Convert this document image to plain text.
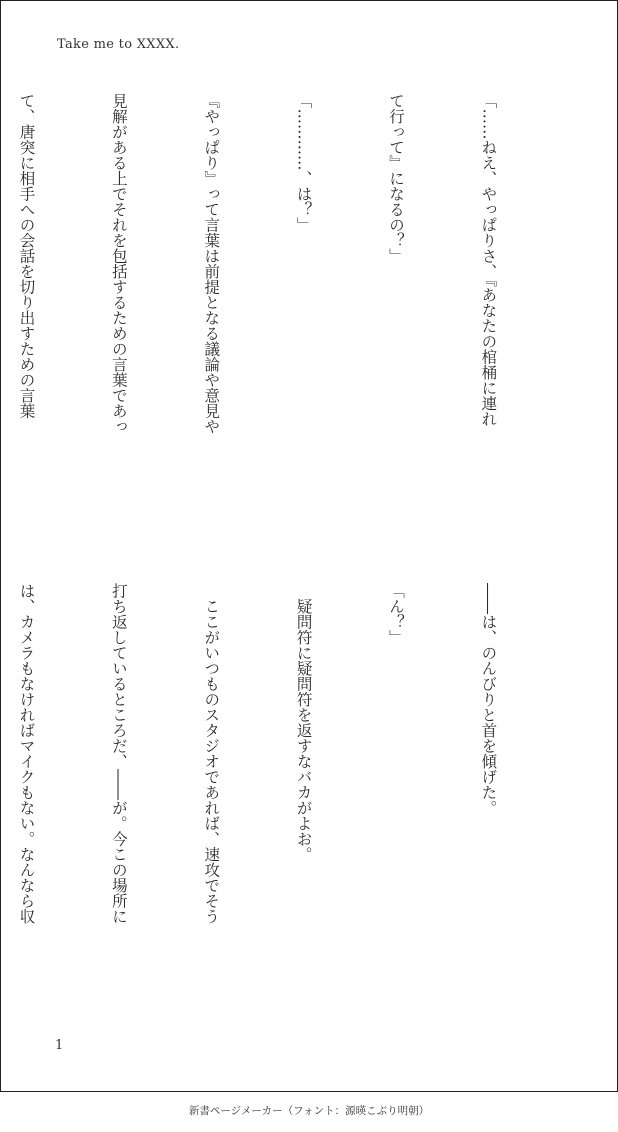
Take me to XXXX.

「……ねえ、やっぱりさ、『あなたの棺桶に連れ

て行って』になるの？」

「…………、は？」

『やっぱり』って言葉は前提となる議論や意見や

見解がある上でそれを包括するための言葉であっ

て、唐突に相手への会話を切り出すための言葉

――は、のんびりと首を傾げた。

「ん？」

　疑問符に疑問符を返すなバカがよお。

　ここがいつものスタジオであれば、速攻でそう

打ち返しているところだ、――が。今この場所に

は、カメラもなければマイクもない。なんなら収

1
新書ページメーカー（フォント：源暎こぶり明朝）
